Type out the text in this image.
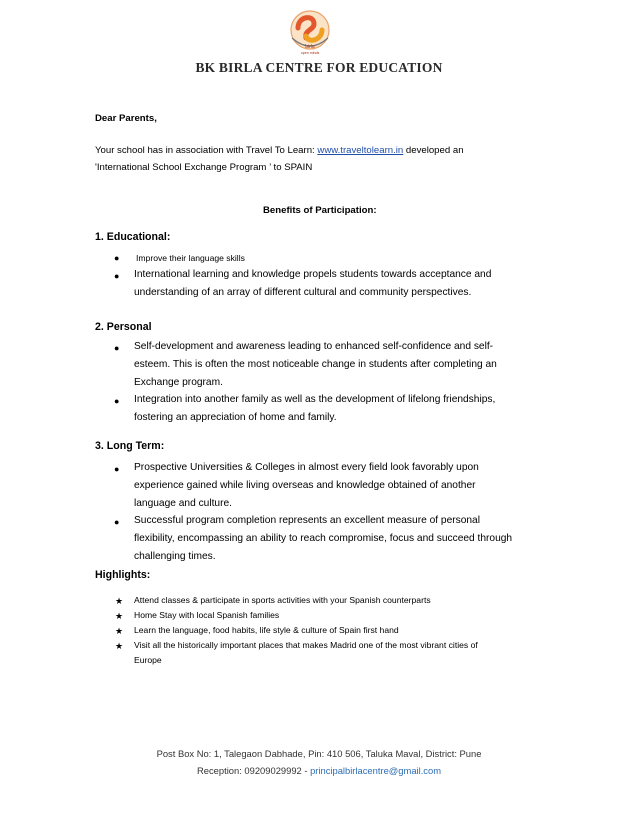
birla
open minds
BK BIRLA CENTRE FOR EDUCATION
Dear Parents,
Your school has in association with Travel To Learn: www.traveltolearn.in developed an
'International School Exchange Program ’ to SPAIN
Benefits of Participation:
1. Educational:
● Improve their language skills
● International learning and knowledge propels students towards acceptance and
understanding of an array of different cultural and community perspectives.
2. Personal
● Self-development and awareness leading to enhanced self-confidence and self-
esteem. This is often the most noticeable change in students after completing an
Exchange program.
● Integration into another family as well as the development of lifelong friendships,
fostering an appreciation of home and family.
3. Long Term:
● Prospective Universities & Colleges in almost every field look favorably upon
experience gained while living overseas and knowledge obtained of another
language and culture.
● Successful program completion represents an excellent measure of personal
flexibility, encompassing an ability to reach compromise, focus and succeed through
challenging times.
Highlights:
★ Attend classes & participate in sports activities with your Spanish counterparts
★ Home Stay with local Spanish families
★ Learn the language, food habits, life style & culture of Spain first hand
★ Visit all the historically important places that makes Madrid one of the most vibrant cities of
Europe
Post Box No: 1, Talegaon Dabhade, Pin: 410 506, Taluka Maval, District: Pune
Reception: 09209029992 - principalbirlacentre@gmail.com
